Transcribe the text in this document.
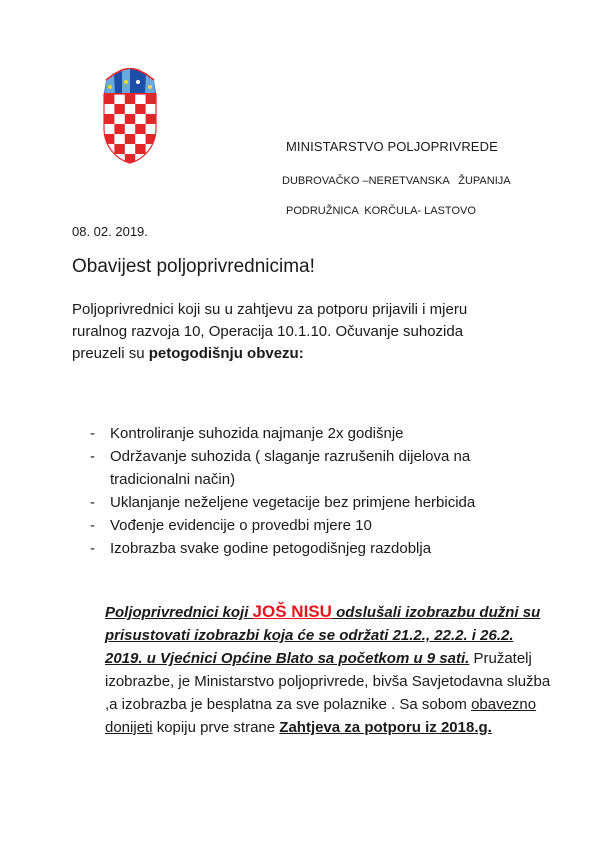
MINISTARSTVO POLJOPRIVREDE
DUBROVAČKO –NERETVANSKA   ŽUPANIJA
PODRUŽNICA  KORČULA- LASTOVO
08. 02. 2019.
Obavijest poljoprivrednicima!

Poljoprivrednici koji su u zahtjevu za potporu prijavili i mjeru
ruralnog razvoja 10, Operacija 10.1.10. Očuvanje suhozida
preuzeli su petogodišnju obvezu:

- Kontroliranje suhozida najmanje 2x godišnje
- Održavanje suhozida ( slaganje razrušenih dijelova na tradicionalni način)
- Uklanjanje neželjene vegetacije bez primjene herbicida
- Vođenje evidencije o provedbi mjere 10
- Izobrazba svake godine petogodišnjeg razdoblja

Poljoprivrednici koji JOŠ NISU odslušali izobrazbu dužni su prisustovati izobrazbi koja će se održati 21.2., 22.2. i 26.2. 2019. u Vjećnici Općine Blato sa početkom u 9 sati. Pružatelj izobrazbe, je Ministarstvo poljoprivrede, bivša Savjetodavna služba ,a izobrazba je besplatna za sve polaznike . Sa sobom obavezno donijeti kopiju prve strane Zahtjeva za potporu iz 2018.g.
